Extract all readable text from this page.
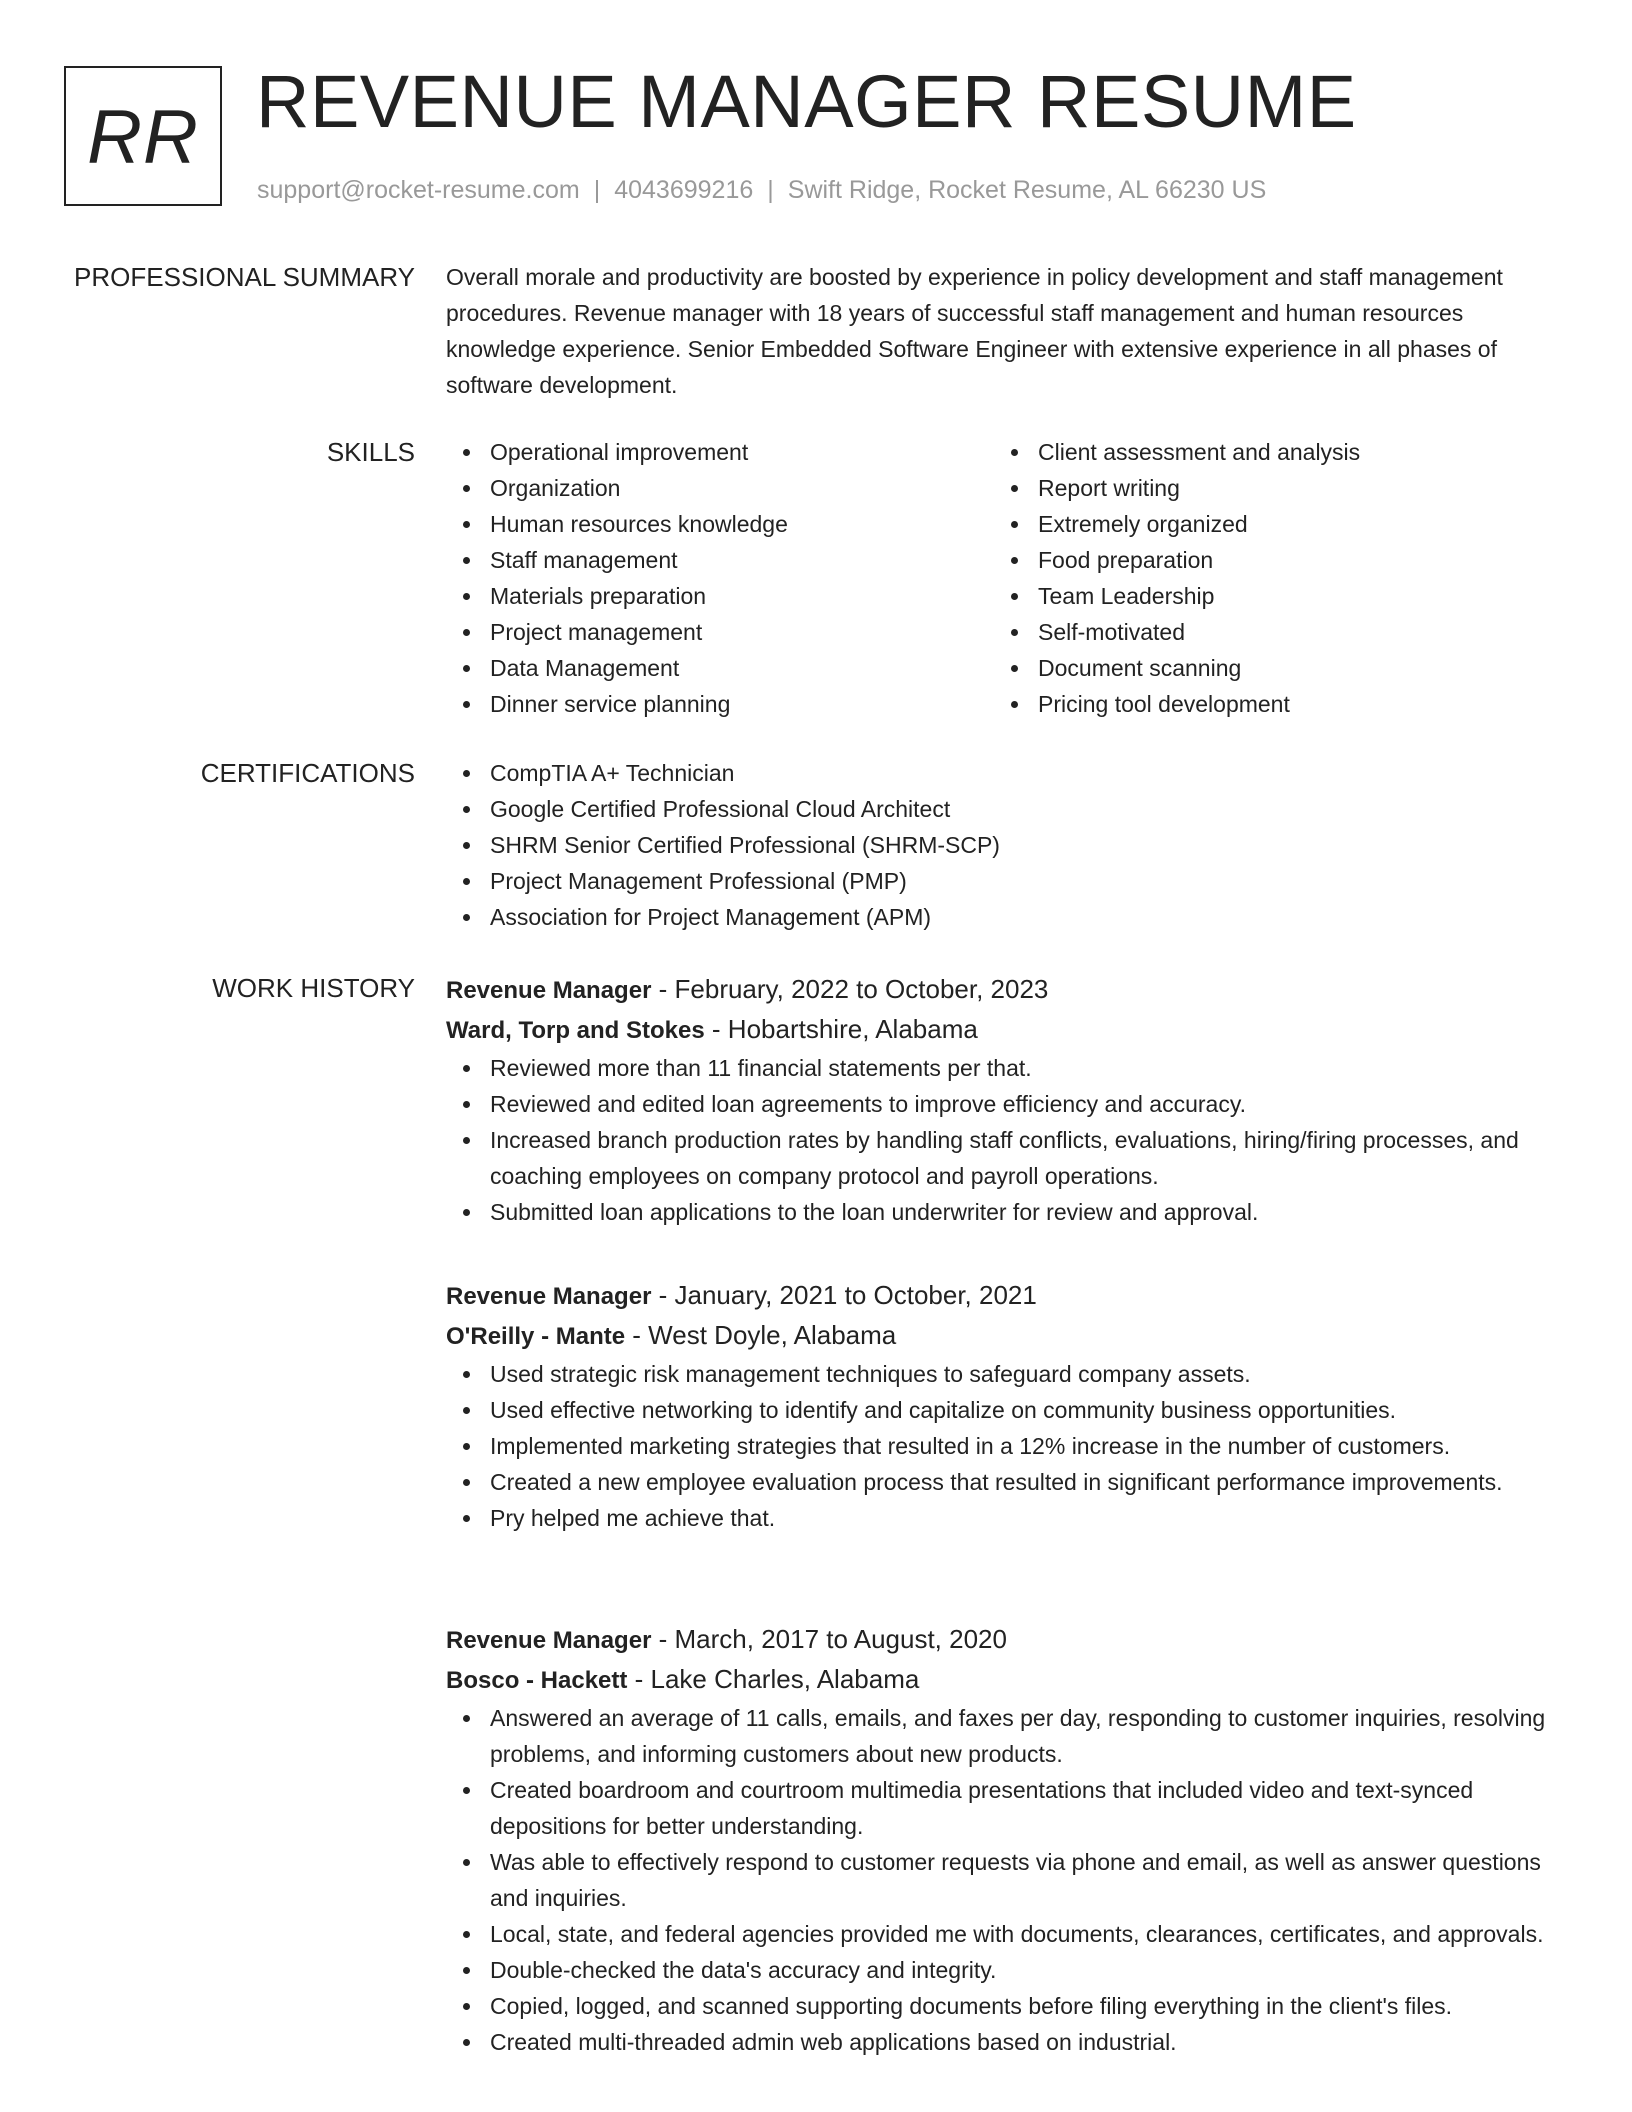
RR REVENUE MANAGER RESUME
support@rocket-resume.com | 4043699216 | Swift Ridge, Rocket Resume, AL 66230 US
PROFESSIONAL SUMMARY Overall morale and productivity are boosted by experience in policy development and staff management procedures. Revenue manager with 18 years of successful staff management and human resources knowledge experience. Senior Embedded Software Engineer with extensive experience in all phases of software development.
SKILLS	Operational improvement
Organization
Human resources knowledge
Staff management
Materials preparation
Project management
Data Management
Dinner service planning
Client assessment and analysis
Report writing
Extremely organized
Food preparation
Team Leadership
Self-motivated
Document scanning
Pricing tool development
CERTIFICATIONS	CompTIA A+ Technician
Google Certified Professional Cloud Architect
SHRM Senior Certified Professional (SHRM-SCP)
Project Management Professional (PMP)
Association for Project Management (APM)
WORK HISTORY Revenue Manager - February, 2022 to October, 2023
Ward, Torp and Stokes - Hobartshire, Alabama
Reviewed more than 11 financial statements per that.
Reviewed and edited loan agreements to improve efficiency and accuracy.
Increased branch production rates by handling staff conflicts, evaluations, hiring/firing processes, and coaching employees on company protocol and payroll operations.
Submitted loan applications to the loan underwriter for review and approval.
Revenue Manager - January, 2021 to October, 2021
O'Reilly - Mante - West Doyle, Alabama
Used strategic risk management techniques to safeguard company assets.
Used effective networking to identify and capitalize on community business opportunities.
Implemented marketing strategies that resulted in a 12% increase in the number of customers.
Created a new employee evaluation process that resulted in significant performance improvements.
Pry helped me achieve that.
Revenue Manager - March, 2017 to August, 2020
Bosco - Hackett - Lake Charles, Alabama
Answered an average of 11 calls, emails, and faxes per day, responding to customer inquiries, resolving problems, and informing customers about new products.
Created boardroom and courtroom multimedia presentations that included video and text-synced depositions for better understanding.
Was able to effectively respond to customer requests via phone and email, as well as answer questions and inquiries.
Local, state, and federal agencies provided me with documents, clearances, certificates, and approvals.
Double-checked the data's accuracy and integrity.
Copied, logged, and scanned supporting documents before filing everything in the client's files.
Created multi-threaded admin web applications based on industrial.
